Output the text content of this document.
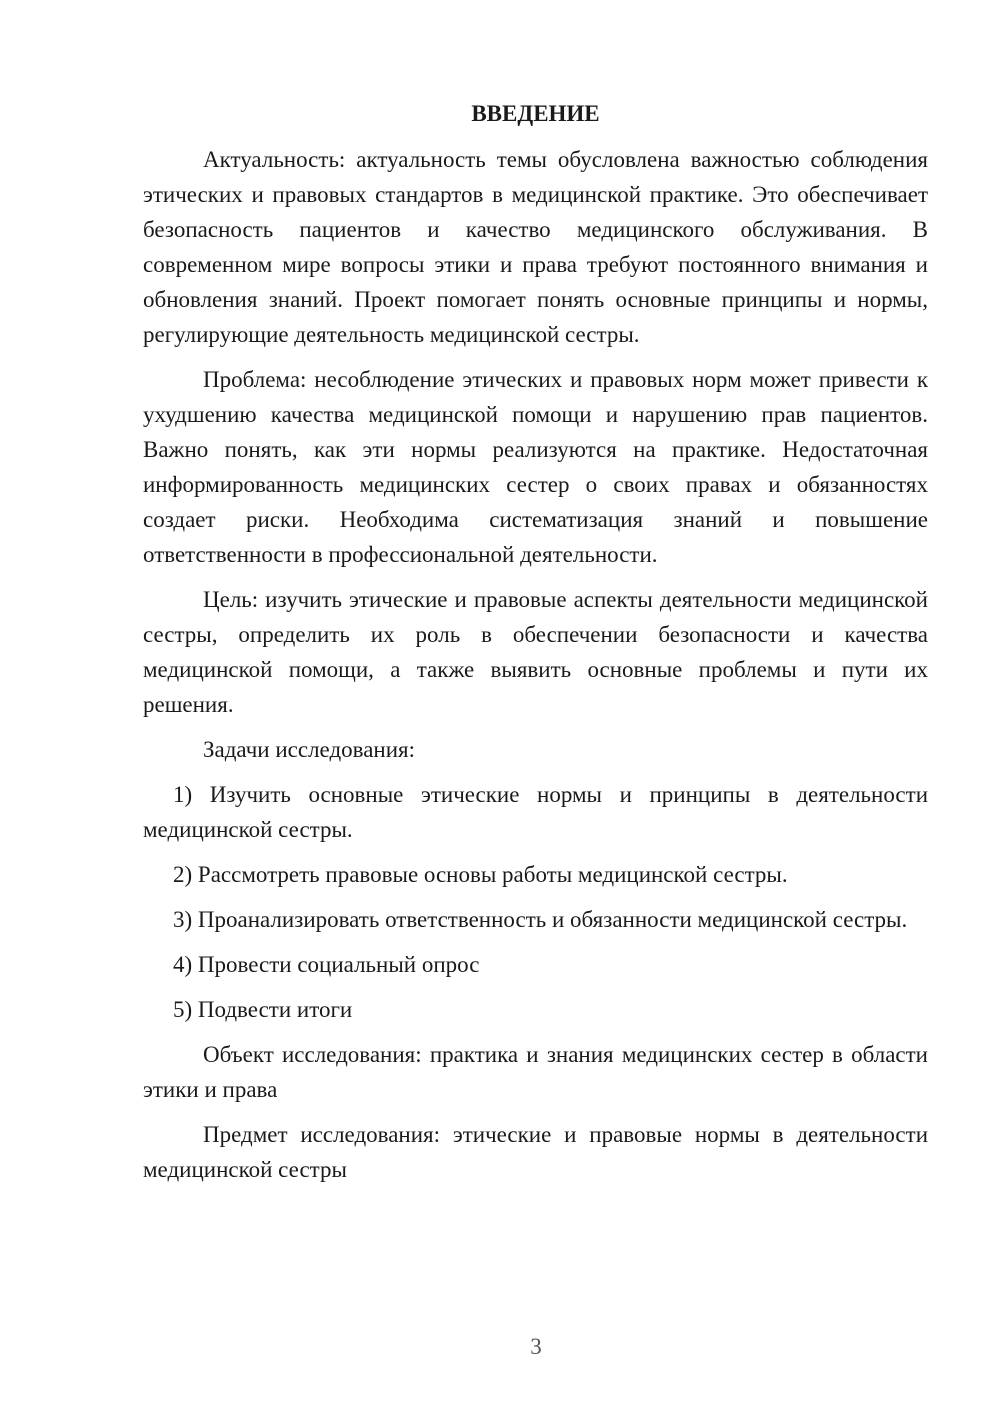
ВВЕДЕНИЕ

Актуальность: актуальность темы обусловлена важностью соблюдения этических и правовых стандартов в медицинской практике. Это обеспечивает безопасность пациентов и качество медицинского обслуживания. В современном мире вопросы этики и права требуют постоянного внимания и обновления знаний. Проект помогает понять основные принципы и нормы, регулирующие деятельность медицинской сестры.

Проблема: несоблюдение этических и правовых норм может привести к ухудшению качества медицинской помощи и нарушению прав пациентов. Важно понять, как эти нормы реализуются на практике. Недостаточная информированность медицинских сестер о своих правах и обязанностях создает риски. Необходима систематизация знаний и повышение ответственности в профессиональной деятельности.

Цель: изучить этические и правовые аспекты деятельности медицинской сестры, определить их роль в обеспечении безопасности и качества медицинской помощи, а также выявить основные проблемы и пути их решения.

Задачи исследования:

1) Изучить основные этические нормы и принципы в деятельности медицинской сестры.

2) Рассмотреть правовые основы работы медицинской сестры.

3) Проанализировать ответственность и обязанности медицинской сестры.

4) Провести социальный опрос

5) Подвести итоги

Объект исследования: практика и знания медицинских сестер в области этики и права

Предмет исследования: этические и правовые нормы в деятельности медицинской сестры

3
